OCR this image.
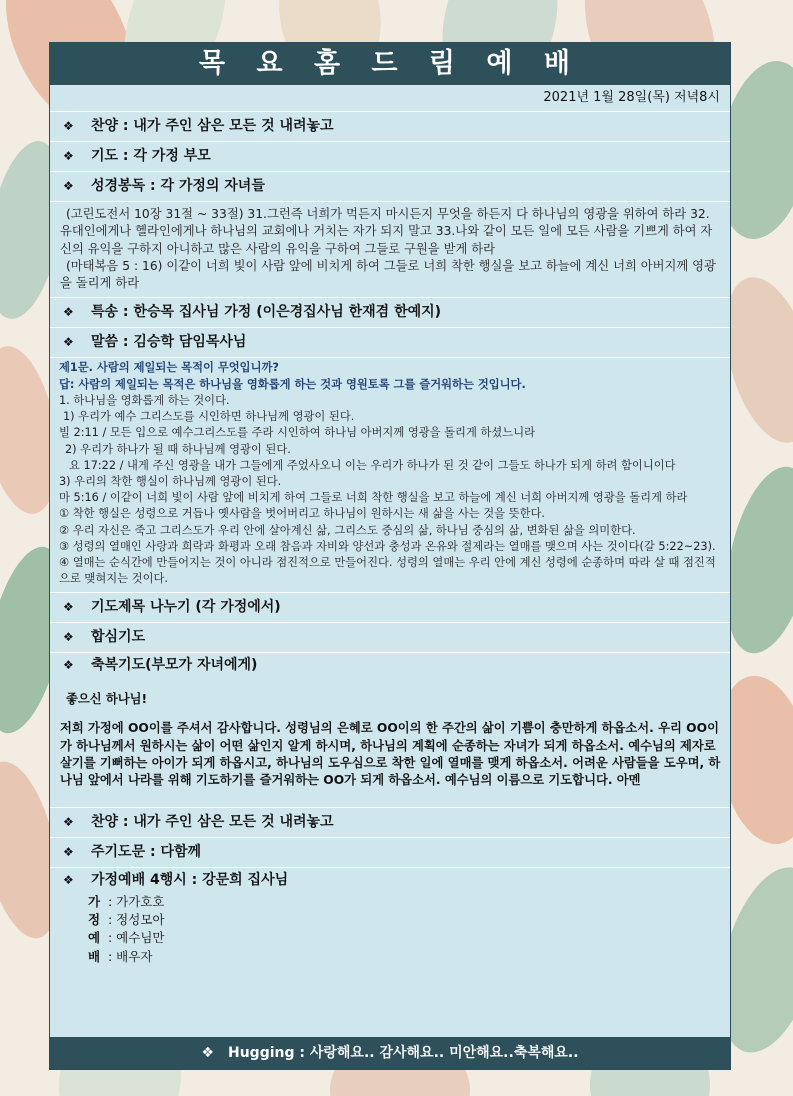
목 요 홈 드 림 예 배
2021년 1월 28일(목) 저녁8시
❖ 찬양 : 내가 주인 삼은 모든 것 내려놓고
❖ 기도 : 각 가정 부모
❖ 성경봉독 : 각 가정의 자녀들

(고린도전서 10장 31절 ~ 33절) 31.그런즉 너희가 먹든지 마시든지 무엇을 하든지 다 하나님의 영광을 위하여 하라 32.유대인에게나 헬라인에게나 하나님의 교회에나 거치는 자가 되지 말고 33.나와 같이 모든 일에 모든 사람을 기쁘게 하여 자신의 유익을 구하지 아니하고 많은 사람의 유익을 구하여 그들로 구원을 받게 하라

(마태복음 5 : 16) 이같이 너희 빛이 사람 앞에 비치게 하여 그들로 너희 착한 행실을 보고 하늘에 계신 너희 아버지께 영광을 돌리게 하라

❖ 특송 : 한승목 집사님 가정 (이은경집사님 한재겸 한예지)
❖ 말씀 : 김승학 담임목사님

제1문. 사람의 제일되는 목적이 무엇입니까?

답: 사람의 제일되는 목적은 하나님을 영화롭게 하는 것과 영원토록 그를 즐거워하는 것입니다.

1. 하나님을 영화롭게 하는 것이다.

1) 우리가 예수 그리스도를 시인하면 하나님께 영광이 된다.

빌 2:11 / 모든 입으로 예수그리스도를 주라 시인하여 하나님 아버지께 영광을 돌리게 하셨느니라

2) 우리가 하나가 될 때 하나님께 영광이 된다.

요 17:22 / 내게 주신 영광을 내가 그들에게 주었사오니 이는 우리가 하나가 된 것 같이 그들도 하나가 되게 하려 함이니이다

3) 우리의 착한 행실이 하나님께 영광이 된다.

마 5:16 / 이같이 너희 빛이 사람 앞에 비치게 하여 그들로 너희 착한 행실을 보고 하늘에 계신 너희 아버지께 영광을 돌리게 하라

① 착한 행실은 성령으로 거듭나 옛사람을 벗어버리고 하나님이 원하시는 새 삶을 사는 것을 뜻한다.

② 우리 자신은 죽고 그리스도가 우리 안에 살아계신 삶, 그리스도 중심의 삶, 하나님 중심의 삶, 변화된 삶을 의미한다.

③ 성령의 열매인 사랑과 희락과 화평과 오래 참음과 자비와 양선과 충성과 온유와 절제라는 열매를 맺으며 사는 것이다(갈 5:22~23).

④ 열매는 순식간에 만들어지는 것이 아니라 점진적으로 만들어진다. 성령의 열매는 우리 안에 계신 성령에 순종하며 따라 살 때 점진적으로 맺혀지는 것이다.

❖ 기도제목 나누기 (각 가정에서)
❖ 합심기도
❖ 축복기도(부모가 자녀에게)

좋으신 하나님!

저희 가정에 OO이를 주셔서 감사합니다. 성령님의 은혜로 OO이의 한 주간의 삶이 기쁨이 충만하게 하옵소서. 우리 OO이가 하나님께서 원하시는 삶이 어떤 삶인지 알게 하시며, 하나님의 계획에 순종하는 자녀가 되게 하옵소서. 예수님의 제자로 살기를 기뻐하는 아이가 되게 하옵시고, 하나님의 도우심으로 착한 일에 열매를 맺게 하옵소서. 어려운 사람들을 도우며, 하나님 앞에서 나라를 위해 기도하기를 즐거워하는 OO가 되게 하옵소서. 예수님의 이름으로 기도합니다. 아멘

❖ 찬양 : 내가 주인 삼은 모든 것 내려놓고
❖ 주기도문 : 다함께
❖ 가정예배 4행시 : 강문희 집사님
가 : 가가호호
정 : 정성모아
예 : 예수님만
배 : 배우자
❖ Hugging : 사랑해요.. 감사해요.. 미안해요..축복해요..
